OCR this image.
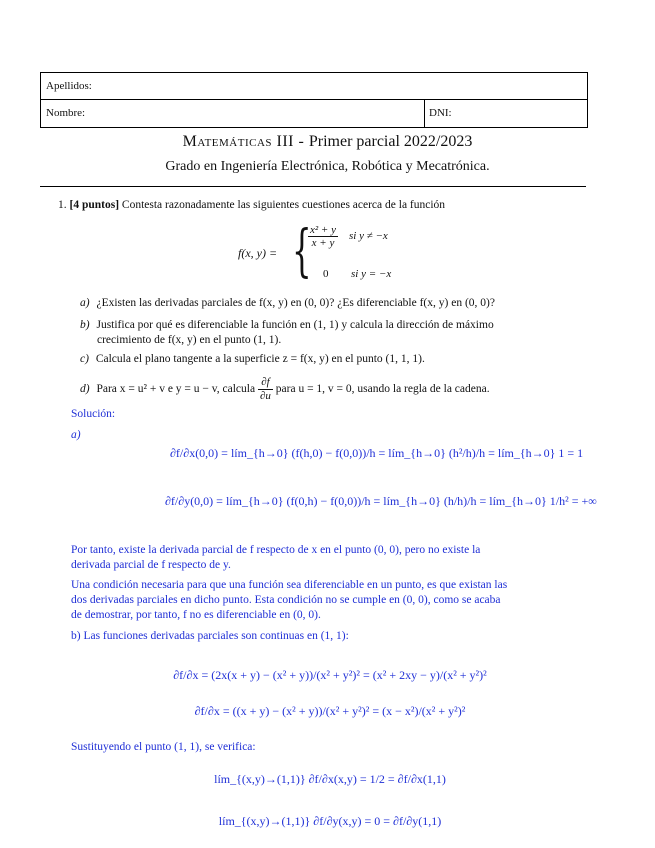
Apellidos:
Nombre:	DNI:
Matemáticas III - Primer parcial 2022/2023
Grado en Ingeniería Electrónica, Robótica y Mecatrónica.
1. [4 puntos] Contesta razonadamente las siguientes cuestiones acerca de la función
f(x, y) = {
$\frac{\text{x² + y}}{x + y}$ si y ≠ −x
0 si y = −x
a) ¿Existen las derivadas parciales de f(x, y) en (0, 0)? ¿Es diferenciable f(x, y) en (0, 0)?
b) Justifica por qué es diferenciable la función en (1, 1) y calcula la dirección de máximo
crecimiento de f(x, y) en el punto (1, 1).
c) Calcula el plano tangente a la superficie z = f(x, y) en el punto (1, 1, 1).
d) Para x = u² + v e y = u − v, calcula $\frac{\partial f}{\partial u}$ para u = 1, v = 0, usando la regla de la cadena.
Solución:
a)
∂f/∂x(0,0) = lím_{h→0} (f(h,0) − f(0,0))/h = lím_{h→0} (h²/h)/h = lím_{h→0} 1 = 1
∂f/∂y(0,0) = lím_{h→0} (f(0,h) − f(0,0))/h = lím_{h→0} (h/h)/h = lím_{h→0} 1/h² = +∞
Por tanto, existe la derivada parcial de f respecto de x en el punto (0, 0), pero no existe la
derivada parcial de f respecto de y.
Una condición necesaria para que una función sea diferenciable en un punto, es que existan las
dos derivadas parciales en dicho punto. Esta condición no se cumple en (0, 0), como se acaba
de demostrar, por tanto, f no es diferenciable en (0, 0).
b) Las funciones derivadas parciales son continuas en (1, 1):
∂f/∂x = (2x(x + y) − (x² + y))/(x² + y²)² = (x² + 2xy − y)/(x² + y²)²
∂f/∂x = ((x + y) − (x² + y))/(x² + y²)² = (x − x²)/(x² + y²)²
Sustituyendo el punto (1, 1), se verifica:
lím_{(x,y)→(1,1)} ∂f/∂x(x,y) = 1/2 = ∂f/∂x(1,1)
lím_{(x,y)→(1,1)} ∂f/∂y(x,y) = 0 = ∂f/∂y(1,1)
